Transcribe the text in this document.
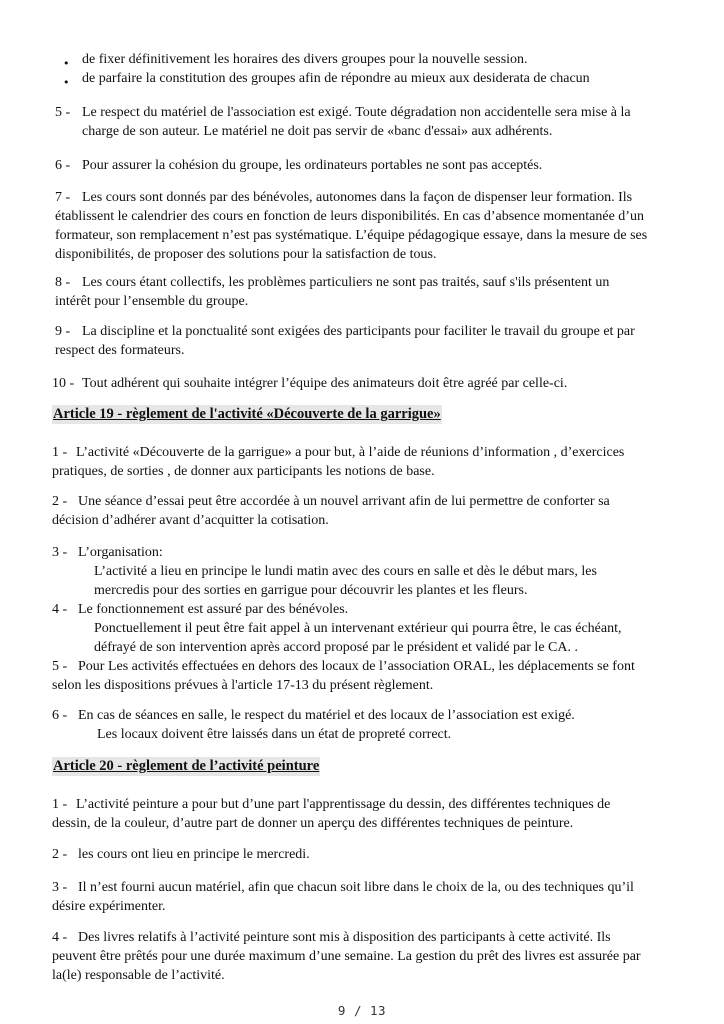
• de fixer définitivement les horaires des divers groupes pour la nouvelle session.
• de parfaire la constitution des groupes afin de répondre au mieux aux desiderata de chacun
5 - Le respect du matériel de l'association est exigé. Toute dégradation non accidentelle sera mise à la
charge de son auteur. Le matériel ne doit pas servir de «banc d'essai» aux adhérents.
6 - Pour assurer la cohésion du groupe, les ordinateurs portables ne sont pas acceptés.
7 - Les cours sont donnés par des bénévoles, autonomes dans la façon de dispenser leur formation. Ils
établissent le calendrier des cours en fonction de leurs disponibilités. En cas d’absence momentanée d’un
formateur, son remplacement n’est pas systématique. L’équipe pédagogique essaye, dans la mesure de ses
disponibilités, de proposer des solutions pour la satisfaction de tous.
8 - Les cours étant collectifs, les problèmes particuliers ne sont pas traités, sauf s'ils présentent un
intérêt pour l’ensemble du groupe.
9 - La discipline et la ponctualité sont exigées des participants pour faciliter le travail du groupe et par
respect des formateurs.
10 - Tout adhérent qui souhaite intégrer l’équipe des animateurs doit être agréé par celle-ci.
Article 19 - règlement de l'activité «Découverte de la garrigue»
1 - L’activité «Découverte de la garrigue» a pour but, à l’aide de réunions d’information , d’exercices
pratiques, de sorties , de donner aux participants les notions de base.
2 - Une séance d’essai peut être accordée à un nouvel arrivant afin de lui permettre de conforter sa
décision d’adhérer avant d’acquitter la cotisation.
3 - L’organisation:
L’activité a lieu en principe le lundi matin avec des cours en salle et dès le début mars, les
mercredis pour des sorties en garrigue pour découvrir les plantes et les fleurs.
4 - Le fonctionnement est assuré par des bénévoles.
Ponctuellement il peut être fait appel à un intervenant extérieur qui pourra être, le cas échéant,
défrayé de son intervention après accord proposé par le président et validé par le CA. .
5 - Pour Les activités effectuées en dehors des locaux de l’association ORAL, les déplacements se font
selon les dispositions prévues à l'article 17-13 du présent règlement.
6 - En cas de séances en salle, le respect du matériel et des locaux de l’association est exigé.
Les locaux doivent être laissés dans un état de propreté correct.
Article 20 - règlement de l’activité peinture
1 - L’activité peinture a pour but d’une part l'apprentissage du dessin, des différentes techniques de
dessin, de la couleur, d’autre part de donner un aperçu des différentes techniques de peinture.
2 - les cours ont lieu en principe le mercredi.
3 - Il n’est fourni aucun matériel, afin que chacun soit libre dans le choix de la, ou des techniques qu’il
désire expérimenter.
4 - Des livres relatifs à l’activité peinture sont mis à disposition des participants à cette activité. Ils
peuvent être prêtés pour une durée maximum d’une semaine. La gestion du prêt des livres est assurée par
la(le) responsable de l’activité.
9 / 13
